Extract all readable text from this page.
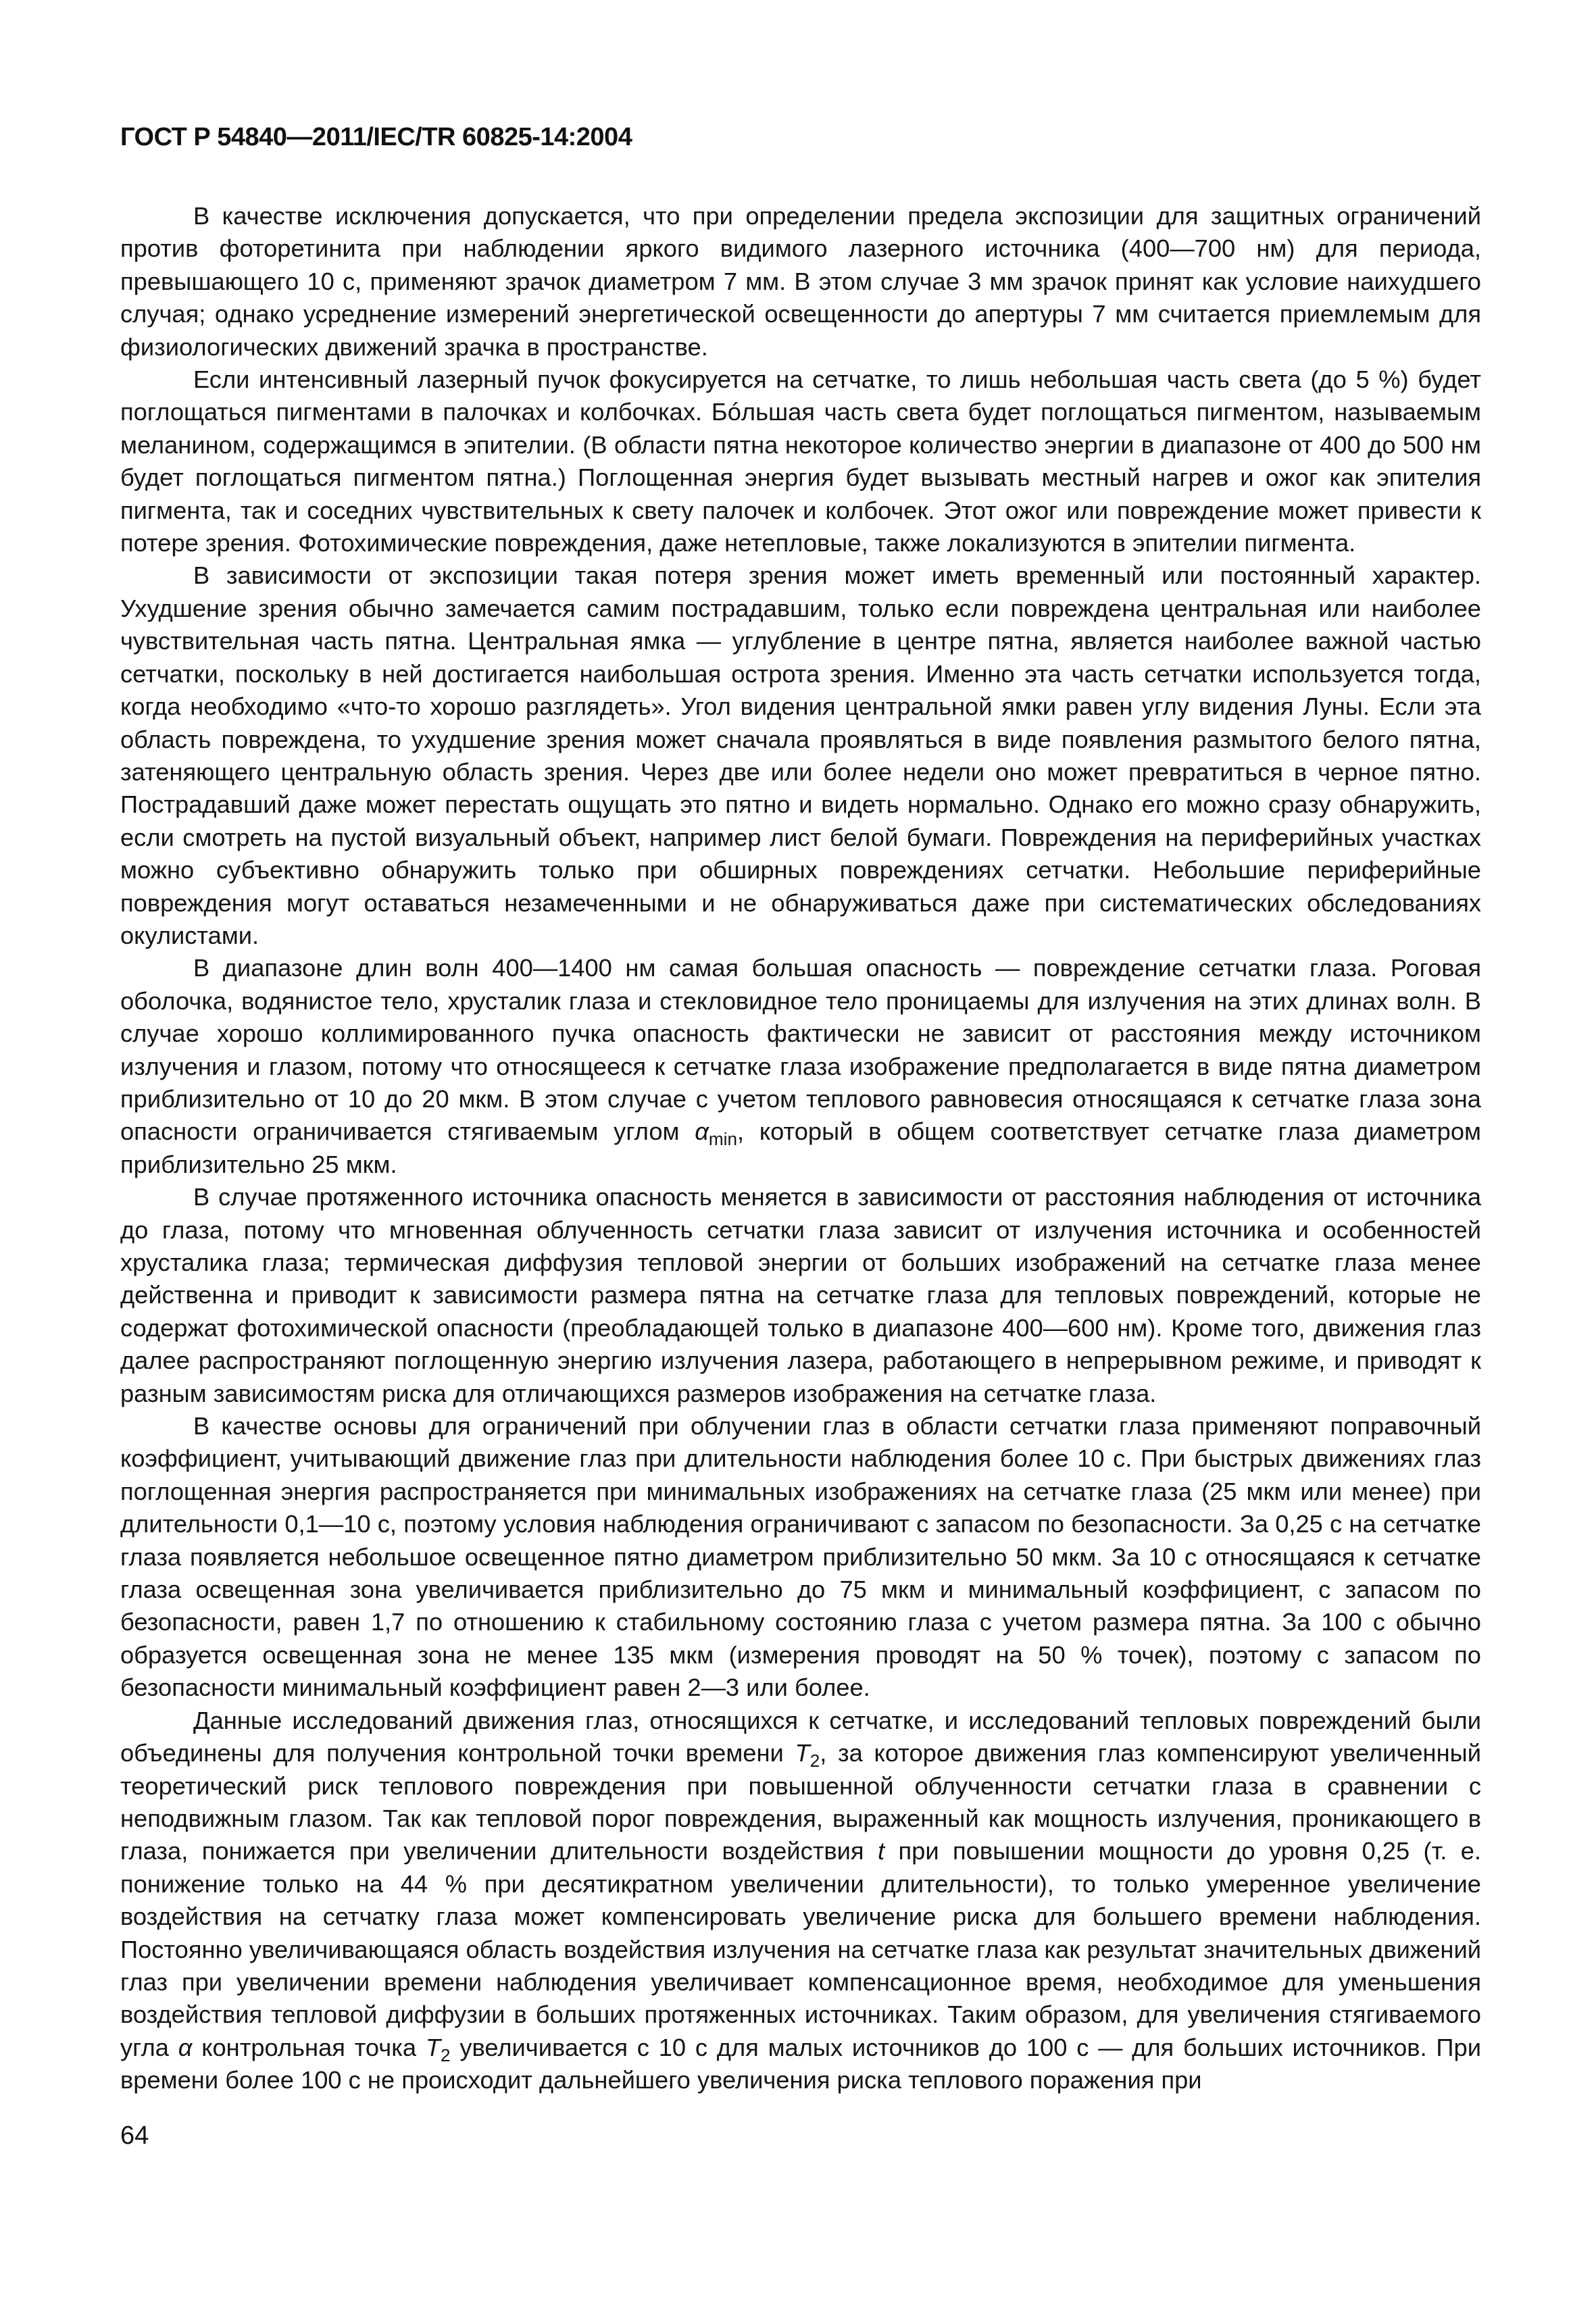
ГОСТ Р 54840—2011/IEC/TR 60825-14:2004

В качестве исключения допускается, что при определении предела экспозиции для защитных ограничений против фоторетинита при наблюдении яркого видимого лазерного источника (400—700 нм) для периода, превышающего 10 с, применяют зрачок диаметром 7 мм. В этом случае 3 мм зрачок принят как условие наихудшего случая; однако усреднение измерений энергетической освещенности до апертуры 7 мм считается приемлемым для физиологических движений зрачка в пространстве.

Если интенсивный лазерный пучок фокусируется на сетчатке, то лишь небольшая часть света (до 5 %) будет поглощаться пигментами в палочках и колбочках. Бóльшая часть света будет поглощаться пигментом, называемым меланином, содержащимся в эпителии. (В области пятна некоторое количество энергии в диапазоне от 400 до 500 нм будет поглощаться пигментом пятна.) Поглощенная энергия будет вызывать местный нагрев и ожог как эпителия пигмента, так и соседних чувствительных к свету палочек и колбочек. Этот ожог или повреждение может привести к потере зрения. Фотохимические повреждения, даже нетепловые, также локализуются в эпителии пигмента.

В зависимости от экспозиции такая потеря зрения может иметь временный или постоянный характер. Ухудшение зрения обычно замечается самим пострадавшим, только если повреждена центральная или наиболее чувствительная часть пятна. Центральная ямка — углубление в центре пятна, является наиболее важной частью сетчатки, поскольку в ней достигается наибольшая острота зрения. Именно эта часть сетчатки используется тогда, когда необходимо «что-то хорошо разглядеть». Угол видения центральной ямки равен углу видения Луны. Если эта область повреждена, то ухудшение зрения может сначала проявляться в виде появления размытого белого пятна, затеняющего центральную область зрения. Через две или более недели оно может превратиться в черное пятно. Пострадавший даже может перестать ощущать это пятно и видеть нормально. Однако его можно сразу обнаружить, если смотреть на пустой визуальный объект, например лист белой бумаги. Повреждения на периферийных участках можно субъективно обнаружить только при обширных повреждениях сетчатки. Небольшие периферийные повреждения могут оставаться незамеченными и не обнаруживаться даже при систематических обследованиях окулистами.

В диапазоне длин волн 400—1400 нм самая большая опасность — повреждение сетчатки глаза. Роговая оболочка, водянистое тело, хрусталик глаза и стекловидное тело проницаемы для излучения на этих длинах волн. В случае хорошо коллимированного пучка опасность фактически не зависит от расстояния между источником излучения и глазом, потому что относящееся к сетчатке глаза изображение предполагается в виде пятна диаметром приблизительно от 10 до 20 мкм. В этом случае с учетом теплового равновесия относящаяся к сетчатке глаза зона опасности ограничивается стягиваемым углом $\alpha_{min}$, который в общем соответствует сетчатке глаза диаметром приблизительно 25 мкм.

В случае протяженного источника опасность меняется в зависимости от расстояния наблюдения от источника до глаза, потому что мгновенная облученность сетчатки глаза зависит от излучения источника и особенностей хрусталика глаза; термическая диффузия тепловой энергии от больших изображений на сетчатке глаза менее действенна и приводит к зависимости размера пятна на сетчатке глаза для тепловых повреждений, которые не содержат фотохимической опасности (преобладающей только в диапазоне 400—600 нм). Кроме того, движения глаз далее распространяют поглощенную энергию излучения лазера, работающего в непрерывном режиме, и приводят к разным зависимостям риска для отличающихся размеров изображения на сетчатке глаза.

В качестве основы для ограничений при облучении глаз в области сетчатки глаза применяют поправочный коэффициент, учитывающий движение глаз при длительности наблюдения более 10 с. При быстрых движениях глаз поглощенная энергия распространяется при минимальных изображениях на сетчатке глаза (25 мкм или менее) при длительности 0,1—10 с, поэтому условия наблюдения ограничивают с запасом по безопасности. За 0,25 с на сетчатке глаза появляется небольшое освещенное пятно диаметром приблизительно 50 мкм. За 10 с относящаяся к сетчатке глаза освещенная зона увеличивается приблизительно до 75 мкм и минимальный коэффициент, с запасом по безопасности, равен 1,7 по отношению к стабильному состоянию глаза с учетом размера пятна. За 100 с обычно образуется освещенная зона не менее 135 мкм (измерения проводят на 50 % точек), поэтому с запасом по безопасности минимальный коэффициент равен 2—3 или более.

Данные исследований движения глаз, относящихся к сетчатке, и исследований тепловых повреждений были объединены для получения контрольной точки времени $T_2$, за которое движения глаз компенсируют увеличенный теоретический риск теплового повреждения при повышенной облученности сетчатки глаза в сравнении с неподвижным глазом. Так как тепловой порог повреждения, выраженный как мощность излучения, проникающего в глаза, понижается при увеличении длительности воздействия t при повышении мощности до уровня 0,25 (т. е. понижение только на 44 % при десятикратном увеличении длительности), то только умеренное увеличение воздействия на сетчатку глаза может компенсировать увеличение риска для большего времени наблюдения. Постоянно увеличивающаяся область воздействия излучения на сетчатке глаза как результат значительных движений глаз при увеличении времени наблюдения увеличивает компенсационное время, необходимое для уменьшения воздействия тепловой диффузии в больших протяженных источниках. Таким образом, для увеличения стягиваемого угла α контрольная точка $T_2$ увеличивается с 10 с для малых источников до 100 с — для больших источников. При времени более 100 с не происходит дальнейшего увеличения риска теплового поражения при

64
